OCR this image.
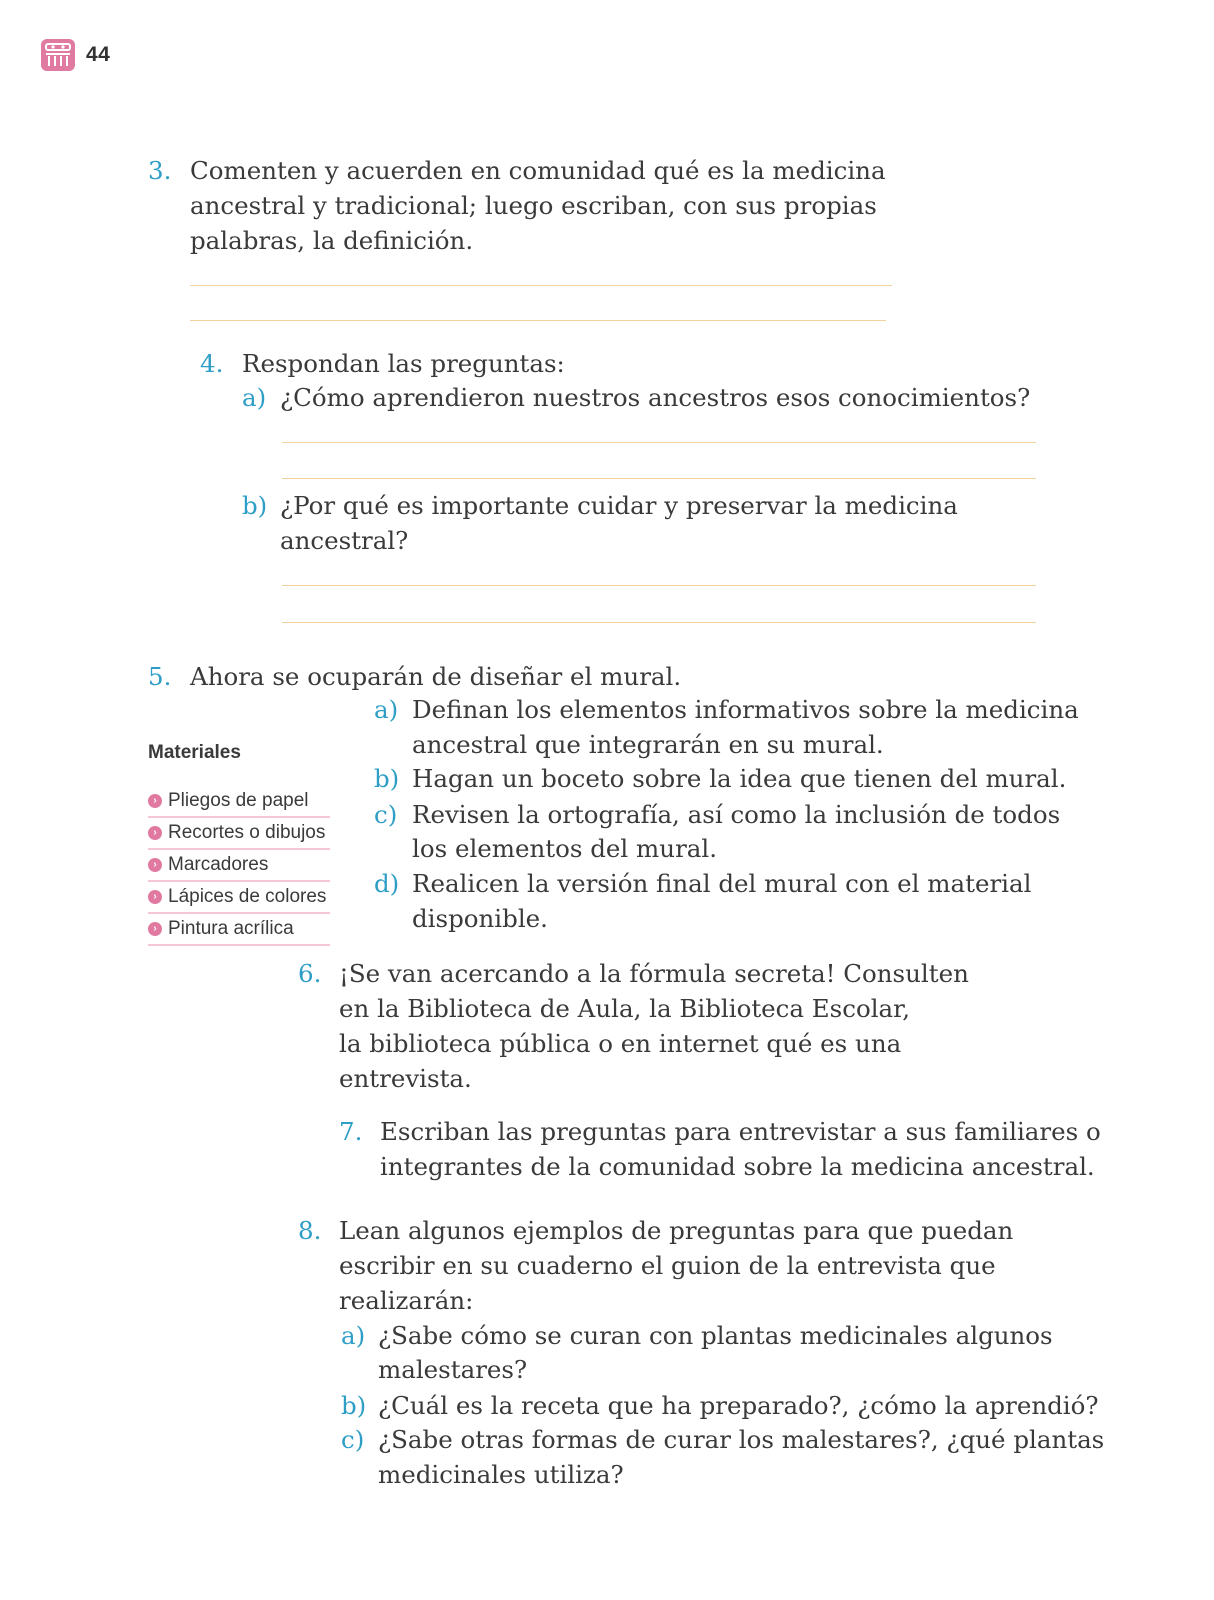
44
3. Comenten y acuerden en comunidad qué es la medicina
ancestral y tradicional; luego escriban, con sus propias
palabras, la definición.
4. Respondan las preguntas:
a) ¿Cómo aprendieron nuestros ancestros esos conocimientos?
b) ¿Por qué es importante cuidar y preservar la medicina
ancestral?
5. Ahora se ocuparán de diseñar el mural.
a) Definan los elementos informativos sobre la medicina
ancestral que integrarán en su mural.
b) Hagan un boceto sobre la idea que tienen del mural.
c) Revisen la ortografía, así como la inclusión de todos
los elementos del mural.
d) Realicen la versión final del mural con el material
disponible.
Materiales
› Pliegos de papel
› Recortes o dibujos
› Marcadores
› Lápices de colores
› Pintura acrílica
6. ¡Se van acercando a la fórmula secreta! Consulten
en la Biblioteca de Aula, la Biblioteca Escolar,
la biblioteca pública o en internet qué es una
entrevista.
7. Escriban las preguntas para entrevistar a sus familiares o
integrantes de la comunidad sobre la medicina ancestral.
8. Lean algunos ejemplos de preguntas para que puedan
escribir en su cuaderno el guion de la entrevista que
realizarán:
a) ¿Sabe cómo se curan con plantas medicinales algunos
malestares?
b) ¿Cuál es la receta que ha preparado?, ¿cómo la aprendió?
c) ¿Sabe otras formas de curar los malestares?, ¿qué plantas
medicinales utiliza?
